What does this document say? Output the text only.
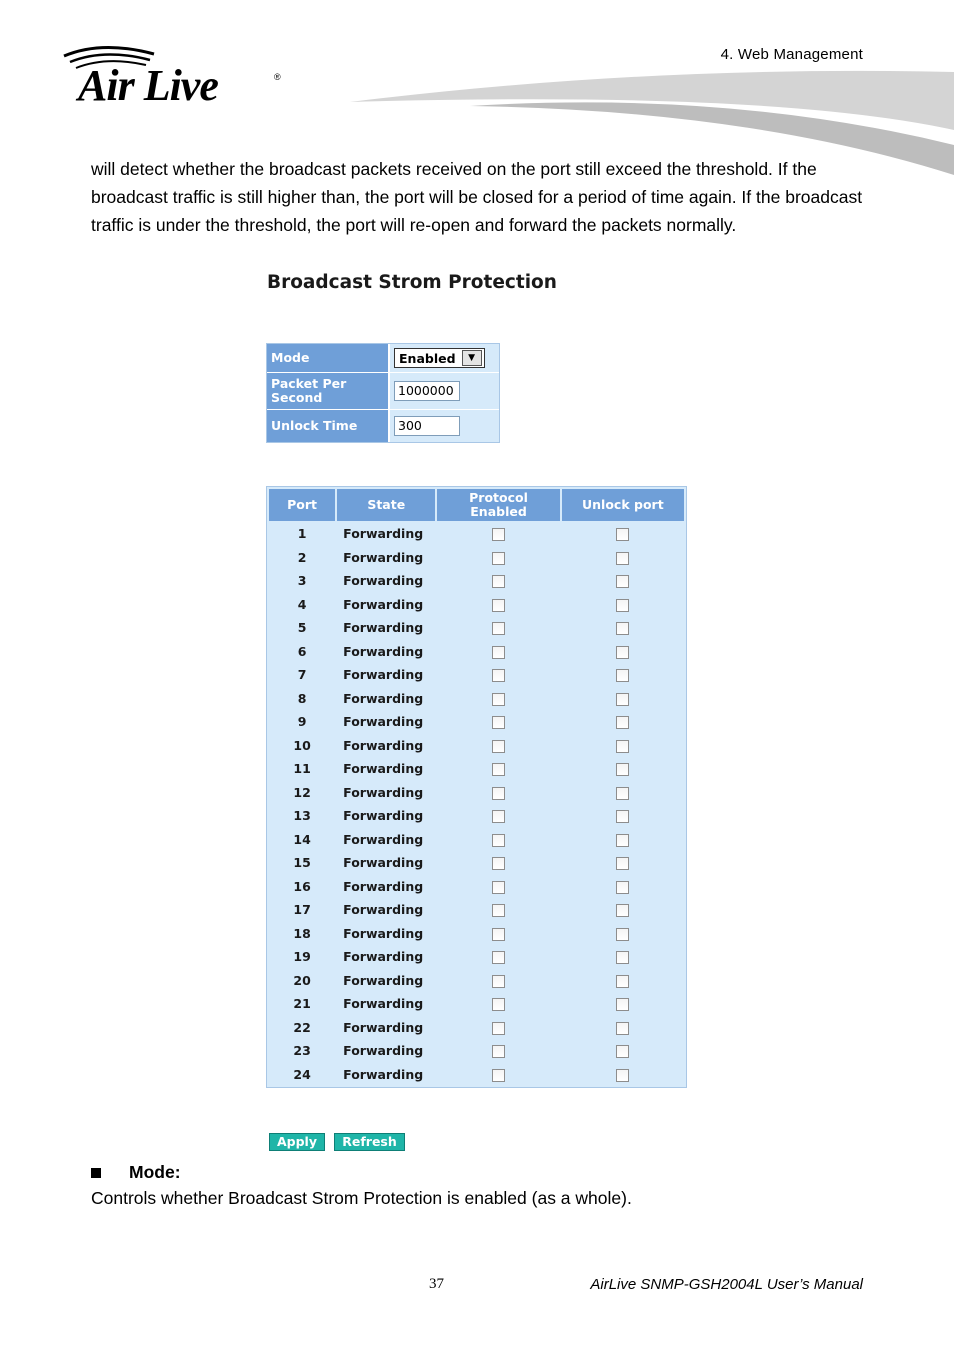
4. Web Management
Air Live	®
will detect whether the broadcast packets received on the port still exceed the threshold. If the broadcast traffic is still higher than, the port will be closed for a period of time again. If the broadcast traffic is under the threshold, the port will re-open and forward the packets normally.
Broadcast Strom Protection
Mode	Enabled	▼
Packet Per Second	1000000
Unlock Time	300
Port	State	Protocol Enabled	Unlock port
1	Forwarding		
2	Forwarding		
3	Forwarding		
4	Forwarding		
5	Forwarding		
6	Forwarding		
7	Forwarding		
8	Forwarding		
9	Forwarding		
10	Forwarding		
11	Forwarding		
12	Forwarding		
13	Forwarding		
14	Forwarding		
15	Forwarding		
16	Forwarding		
17	Forwarding		
18	Forwarding		
19	Forwarding		
20	Forwarding		
21	Forwarding		
22	Forwarding		
23	Forwarding		
24	Forwarding		
Apply	Refresh
Mode:
Controls whether Broadcast Strom Protection is enabled (as a whole).
37	AirLive SNMP-GSH2004L User’s Manual
